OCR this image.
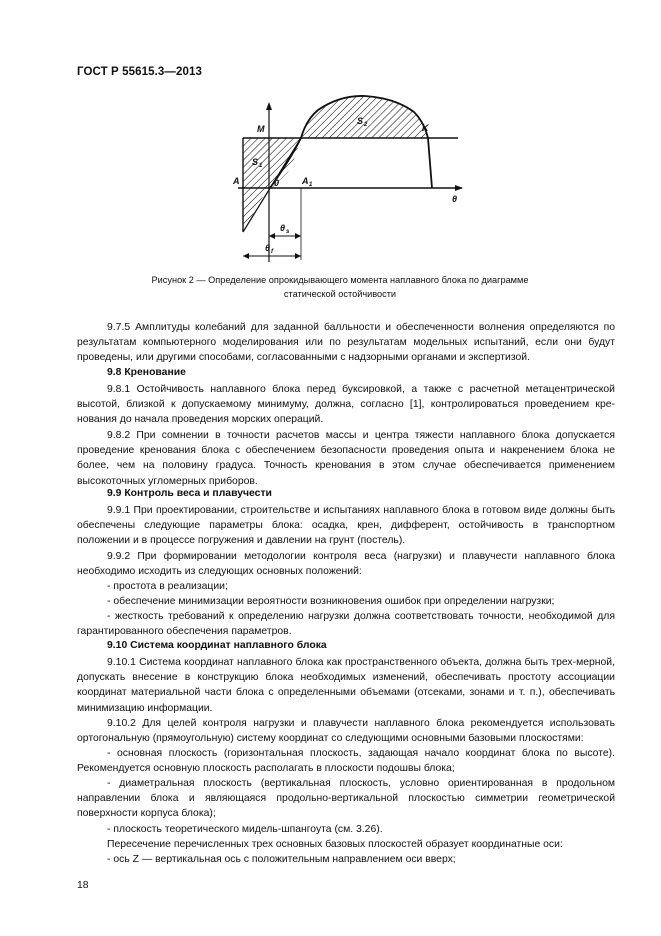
ГОСТ Р 55615.3—2013
M	K
S 2
S 1
A	0	A 1
θ
θ s
θ f
Рисунок 2 — Определение опрокидывающего момента наплавного блока по диаграмме
статической остойчивости

9.7.5 Амплитуды колебаний для заданной балльности и обеспеченности волнения определяются по результатам компьютерного моделирования или по результатам модельных испытаний, если они будут проведены, или другими способами, согласованными с надзорными органами и экспертизой.

9.8 Кренование

9.8.1 Остойчивость наплавного блока перед буксировкой, а также с расчетной метацентрической высотой, близкой к допускаемому минимуму, должна, согласно [1], контролироваться проведением кре-нования до начала проведения морских операций.

9.8.2 При сомнении в точности расчетов массы и центра тяжести наплавного блока допускается проведение кренования блока с обеспечением безопасности проведения опыта и накренением блока не более, чем на половину градуса. Точность кренования в этом случае обеспечивается применением высокоточных угломерных приборов.

9.9 Контроль веса и плавучести

9.9.1 При проектировании, строительстве и испытаниях наплавного блока в готовом виде должны быть обеспечены следующие параметры блока: осадка, крен, дифферент, остойчивость в транспортном положении и в процессе погружения и давлении на грунт (постель).

9.9.2 При формировании методологии контроля веса (нагрузки) и плавучести наплавного блока необходимо исходить из следующих основных положений:

- простота в реализации;

- обеспечение минимизации вероятности возникновения ошибок при определении нагрузки;

- жесткость требований к определению нагрузки должна соответствовать точности, необходимой для гарантированного обеспечения параметров.

9.10 Система координат наплавного блока

9.10.1 Система координат наплавного блока как пространственного объекта, должна быть трех-мерной, допускать внесение в конструкцию блока необходимых изменений, обеспечивать простоту ассоциации координат материальной части блока с определенными объемами (отсеками, зонами и т. п.), обеспечивать минимизацию информации.

9.10.2 Для целей контроля нагрузки и плавучести наплавного блока рекомендуется использовать ортогональную (прямоугольную) систему координат со следующими основными базовыми плоскостями:

- основная плоскость (горизонтальная плоскость, задающая начало координат блока по высоте). Рекомендуется основную плоскость располагать в плоскости подошвы блока;

- диаметральная плоскость (вертикальная плоскость, условно ориентированная в продольном направлении блока и являющаяся продольно-вертикальной плоскостью симметрии геометрической поверхности корпуса блока);

- плоскость теоретического мидель-шпангоута (см. 3.26).

Пересечение перечисленных трех основных базовых плоскостей образует координатные оси:

- ось Z — вертикальная ось с положительным направлением оси вверх;

18
